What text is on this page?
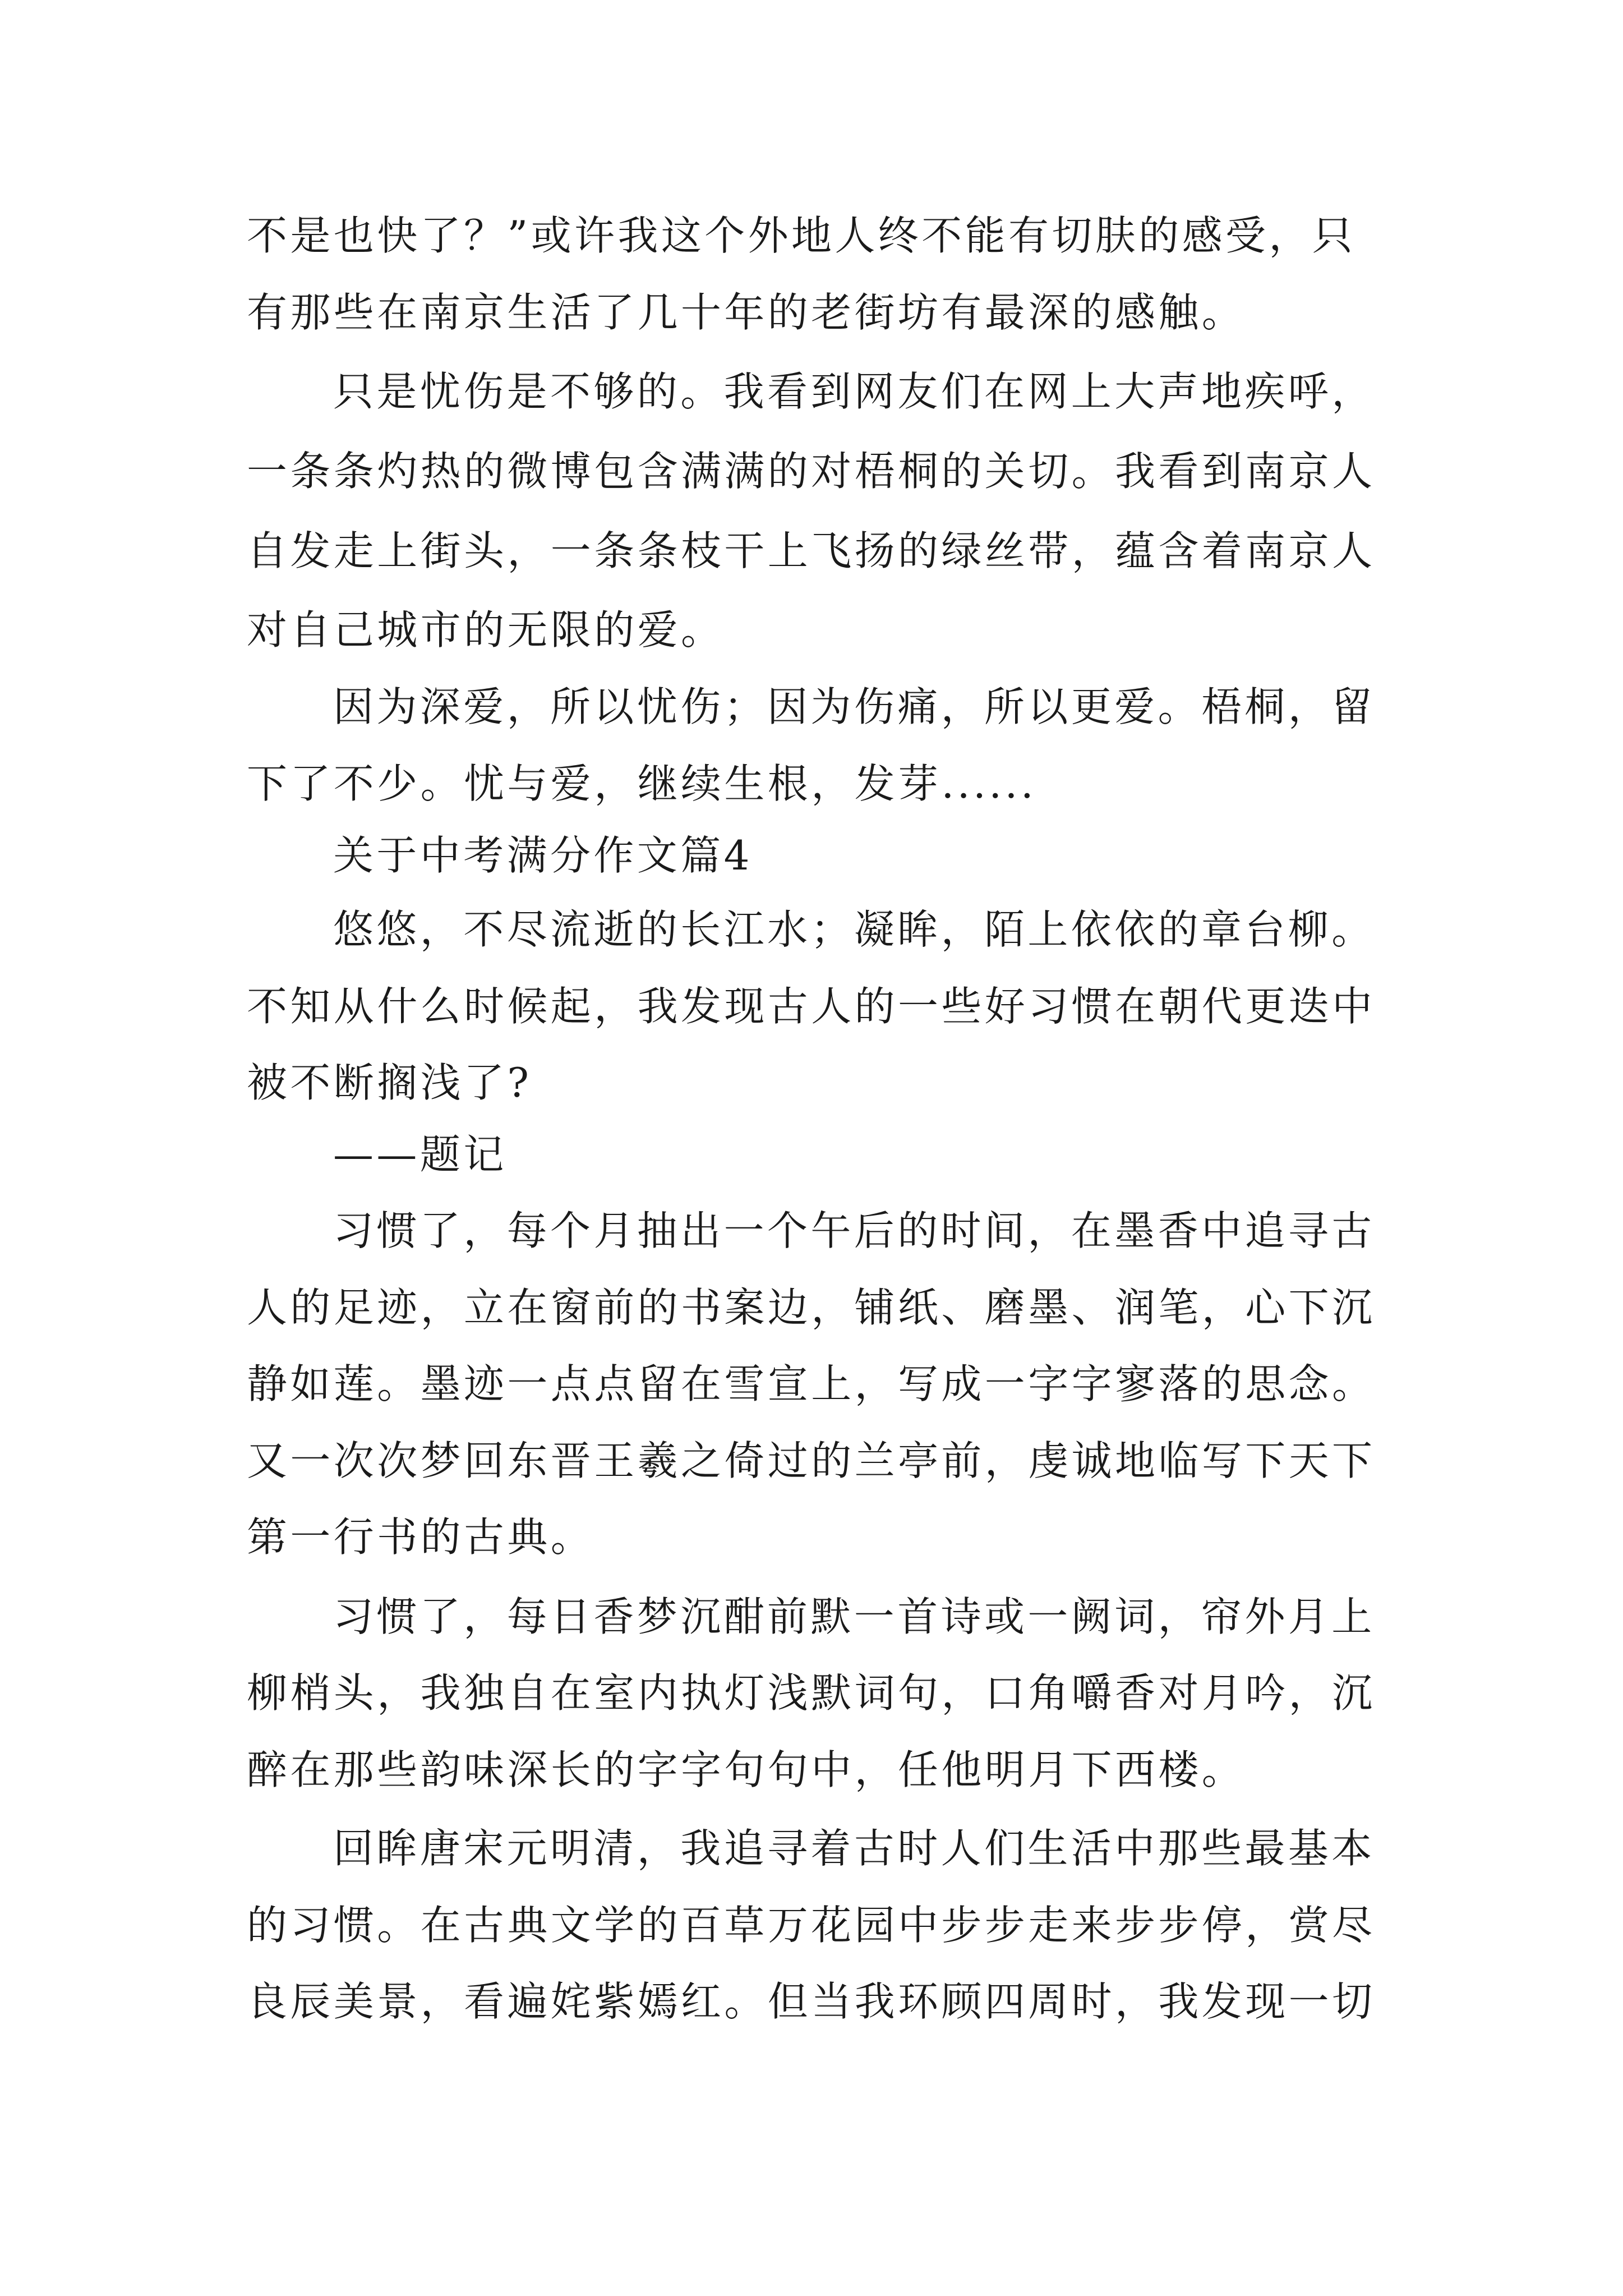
不是也快了？”或许我这个外地人终不能有切肤的感受，只

有那些在南京生活了几十年的老街坊有最深的感触。

只是忧伤是不够的。我看到网友们在网上大声地疾呼，

一条条灼热的微博包含满满的对梧桐的关切。我看到南京人

自发走上街头，一条条枝干上飞扬的绿丝带，蕴含着南京人

对自己城市的无限的爱。

因为深爱，所以忧伤；因为伤痛，所以更爱。梧桐，留

下了不少。忧与爱，继续生根，发芽......

关于中考满分作文篇4

悠悠，不尽流逝的长江水；凝眸，陌上依依的章台柳。

不知从什么时候起，我发现古人的一些好习惯在朝代更迭中

被不断搁浅了?

——题记

习惯了，每个月抽出一个午后的时间，在墨香中追寻古

人的足迹，立在窗前的书案边，铺纸、磨墨、润笔，心下沉

静如莲。墨迹一点点留在雪宣上，写成一字字寥落的思念。

又一次次梦回东晋王羲之倚过的兰亭前，虔诚地临写下天下

第一行书的古典。

习惯了，每日香梦沉酣前默一首诗或一阙词，帘外月上

柳梢头，我独自在室内执灯浅默词句，口角嚼香对月吟，沉

醉在那些韵味深长的字字句句中，任他明月下西楼。

回眸唐宋元明清，我追寻着古时人们生活中那些最基本

的习惯。在古典文学的百草万花园中步步走来步步停，赏尽

良辰美景，看遍姹紫嫣红。但当我环顾四周时，我发现一切
